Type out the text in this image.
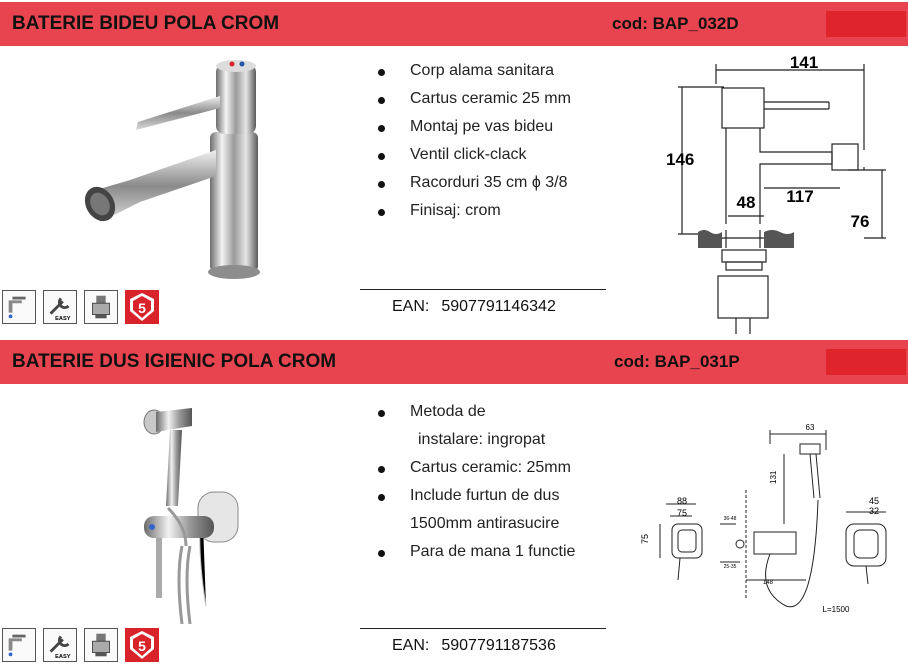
BATERIE BIDEU POLA CROM	cod: BAP_032D
Corp alama sanitara
Cartus ceramic 25 mm
Montaj pe vas bideu
Ventil click-clack
Racorduri 35 cm ϕ 3/8
Finisaj: crom
EAN: 5907791146342
141
146
117
48
76
EASY
5
BATERIE DUS IGIENIC POLA CROM	cod: BAP_031P
Metoda de
instalare: ingropat
Cartus ceramic: 25mm
Include furtun de dus
1500mm antirasucire
Para de mana 1 functie
EAN: 5907791187536
63
131
88
75
75
45
32
36-48
25-35
148
L=1500
EASY
5
